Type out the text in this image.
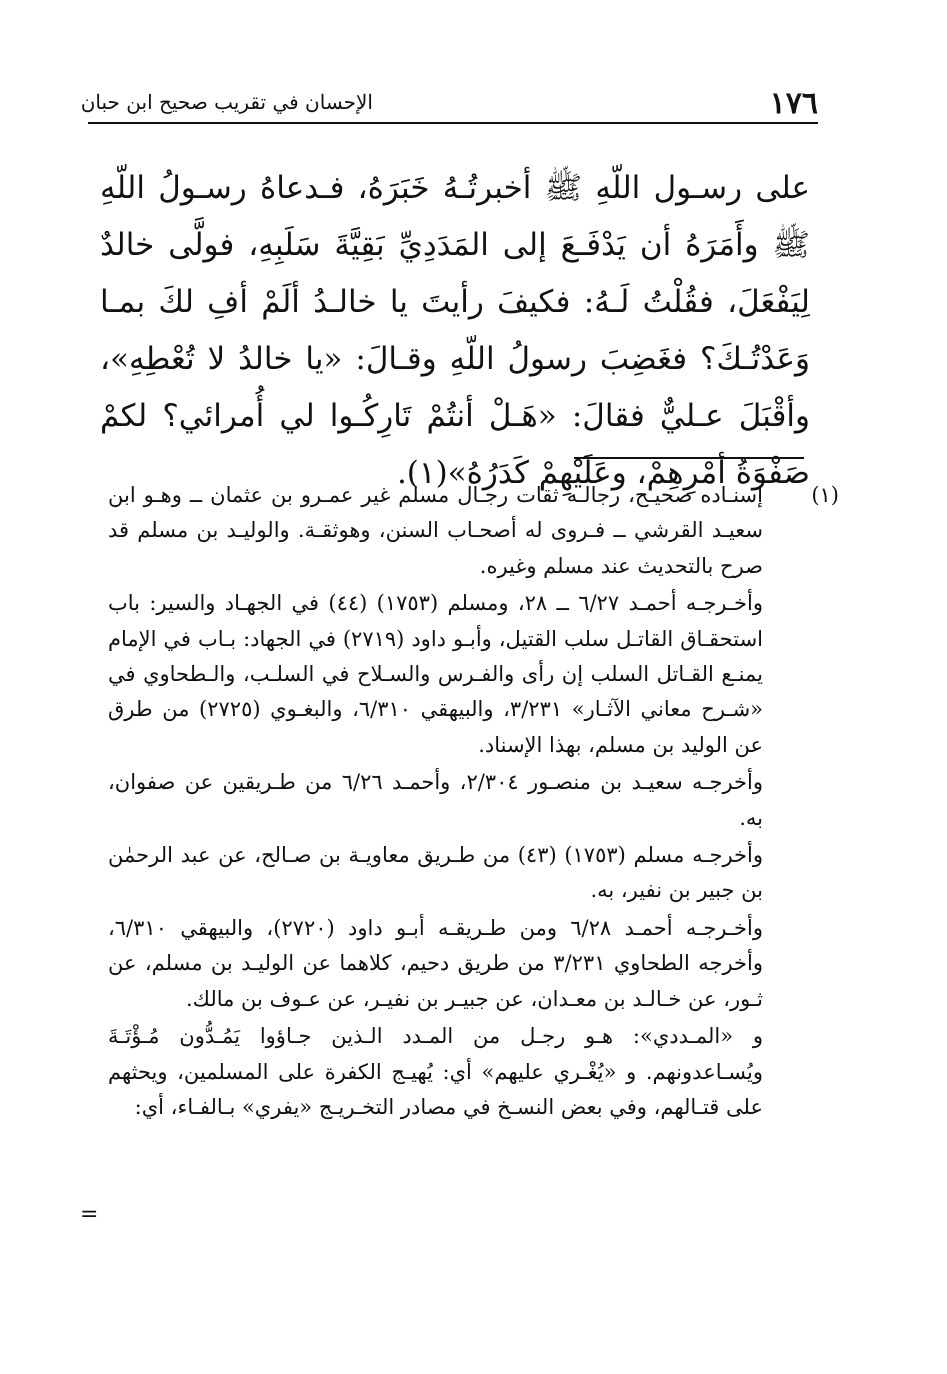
١٧٦
الإحسان في تقريب صحيح ابن حبان

على رسـول اللّهِ ﷺ أخبرتُـهُ خَبَرَهُ، فـدعاهُ رسـولُ اللّهِ ﷺ وأَمَرَهُ أن يَدْفَـعَ إلى المَدَدِيِّ بَقِيَّةَ سَلَبِهِ، فولَّى خالدٌ لِيَفْعَلَ، فقُلْتُ لَـهُ: فكيفَ رأيتَ يا خالـدُ ألَمْ أفِ لكَ بمـا وَعَدْتُـكَ؟ فغَضِبَ رسولُ اللّهِ وقـالَ: «يا خالدُ لا تُعْطِهِ»، وأقْبَلَ عـليٌّ فقالَ: «هَـلْ أنتُمْ تَارِكُـوا لي أُمرائي؟ لكمْ صَفْوَةُ أمْرِهِمْ، وعَلَيْهِمْ كَدَرُهُ»(١).

(١)

إسنـاده صحيـح، رجالـه ثقات رجـال مسلم غير عمـرو بن عثمان ــ وهـو ابن سعيـد القرشي ــ فـروى له أصحـاب السنن، وهوثقـة. والوليـد بن مسلم قد صرح بالتحديث عند مسلم وغيره.

وأخـرجـه أحمـد ٦/٢٧ ــ ٢٨، ومسلم (١٧٥٣) (٤٤) في الجهـاد والسير: باب استحقـاق القاتـل سلب القتيل، وأبـو داود (٢٧١٩) في الجهاد: بـاب في الإمام يمنـع القـاتل السلب إن رأى والفـرس والسـلاح في السلـب، والـطحاوي في «شـرح معاني الآثـار» ٣/٢٣١، والبيهقي ٦/٣١٠، والبغـوي (٢٧٢٥) من طرق عن الوليد بن مسلم، بهذا الإسناد.

وأخرجـه سعيـد بن منصـور ٢/٣٠٤، وأحمـد ٦/٢٦ من طـريقين عن صفوان، به.

وأخرجـه مسلم (١٧٥٣) (٤٣) من طـريق معاويـة بن صـالح، عن عبد الرحمٰن بن جبير بن نفير، به.

وأخـرجـه أحمـد ٦/٢٨ ومن طـريقـه أبـو داود (٢٧٢٠)، والبيهقي ٦/٣١٠، وأخرجه الطحاوي ٣/٢٣١ من طريق دحيم، كلاهما عن الوليـد بن مسلم، عن ثـور، عن خـالـد بن معـدان، عن جبيـر بن نفيـر، عن عـوف بن مالك.

و «المـددي»: هـو رجـل من المـدد الـذين جـاؤوا يَمُـدُّون مُـؤْتَـةَ ويُسـاعدونهم. و «يُغْـري عليهم» أي: يُهيـج الكفرة على المسلمين، ويحثهم على قتـالهم، وفي بعض النسـخ في مصادر التخـريـج «يفري» بـالفـاء، أي:

=
